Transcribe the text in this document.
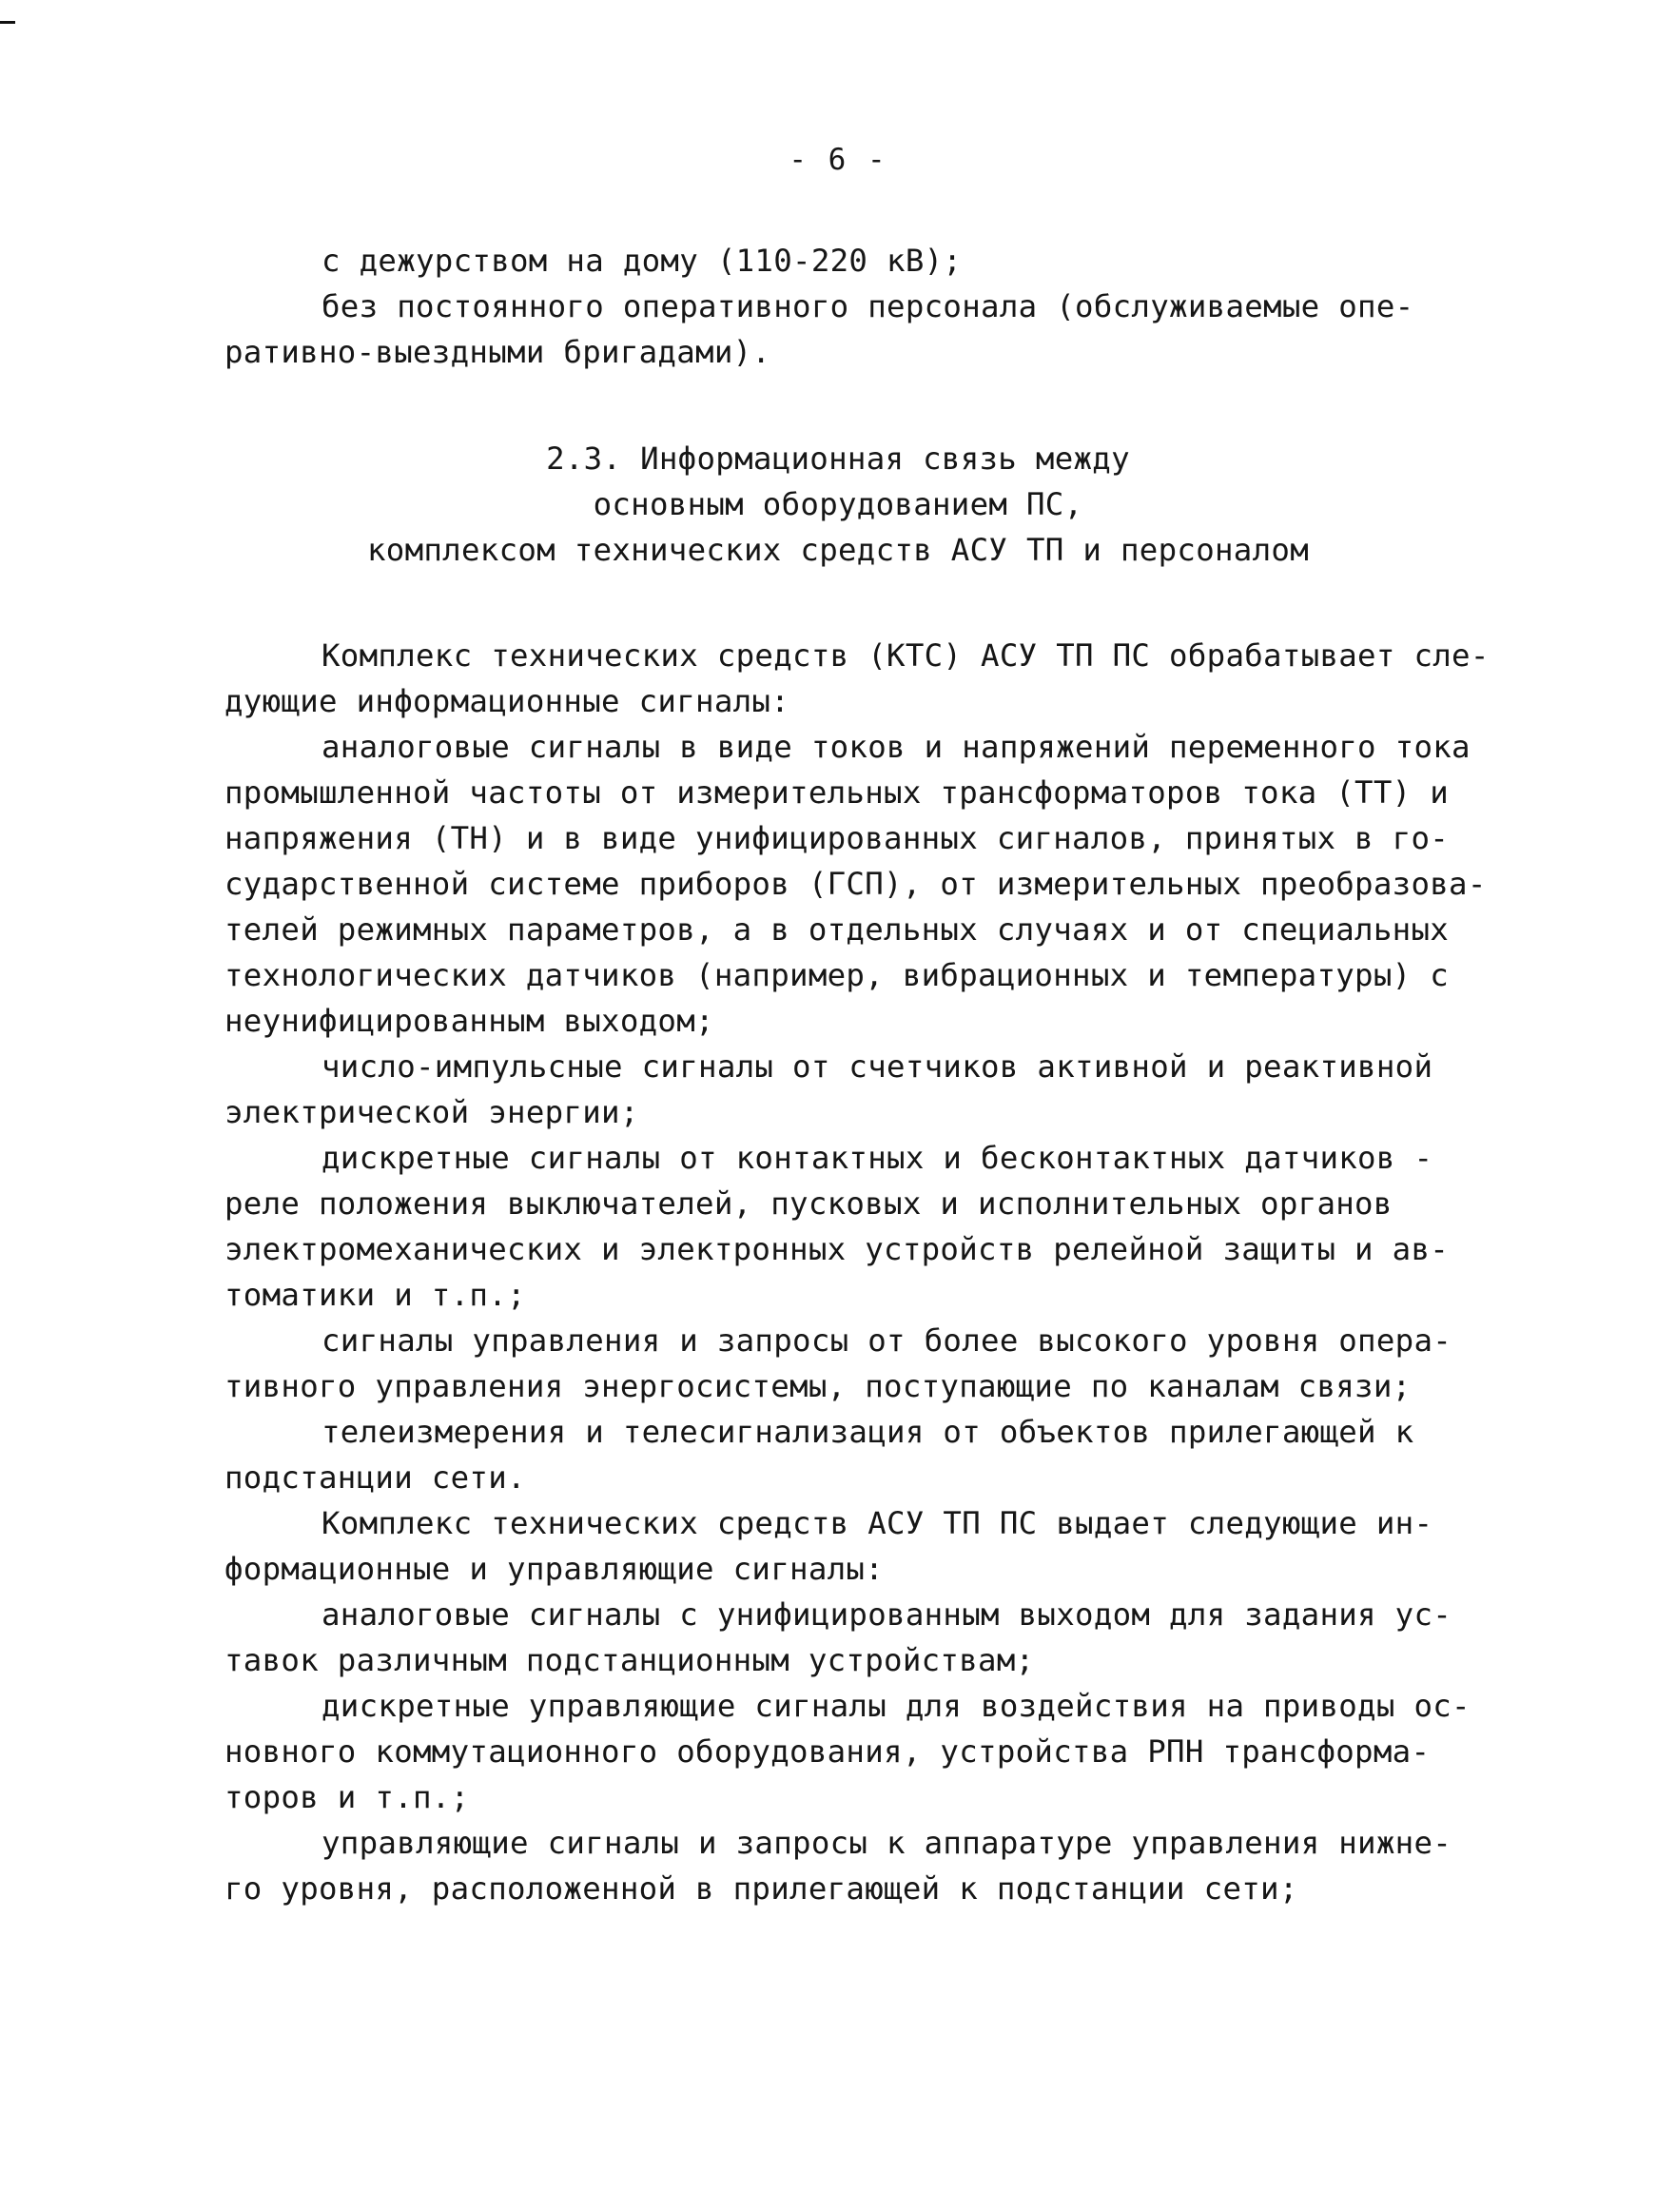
- 6 -
с дежурством на дому (110-220 кВ);
без постоянного оперативного персонала (обслуживаемые опе-
ративно-выездными бригадами).
2.3. Информационная связь между
основным оборудованием ПС,
комплексом технических средств АСУ ТП и персоналом
Комплекс технических средств (КТС) АСУ ТП ПС обрабатывает сле-
дующие информационные сигналы:
аналоговые сигналы в виде токов и напряжений переменного тока
промышленной частоты от измерительных трансформаторов тока (ТТ) и
напряжения (ТН) и в виде унифицированных сигналов, принятых в го-
сударственной системе приборов (ГСП), от измерительных преобразова-
телей режимных параметров, а в отдельных случаях и от специальных
технологических датчиков (например, вибрационных и температуры) с
неунифицированным выходом;
число-импульсные сигналы от счетчиков активной и реактивной
электрической энергии;
дискретные сигналы от контактных и бесконтактных датчиков -
реле положения выключателей, пусковых и исполнительных органов
электромеханических и электронных устройств релейной защиты и ав-
томатики и т.п.;
сигналы управления и запросы от более высокого уровня опера-
тивного управления энергосистемы, поступающие по каналам связи;
телеизмерения и телесигнализация от объектов прилегающей к
подстанции сети.
Комплекс технических средств АСУ ТП ПС выдает следующие ин-
формационные и управляющие сигналы:
аналоговые сигналы с унифицированным выходом для задания ус-
тавок различным подстанционным устройствам;
дискретные управляющие сигналы для воздействия на приводы ос-
новного коммутационного оборудования, устройства РПН трансформа-
торов и т.п.;
управляющие сигналы и запросы к аппаратуре управления нижне-
го уровня, расположенной в прилегающей к подстанции сети;
